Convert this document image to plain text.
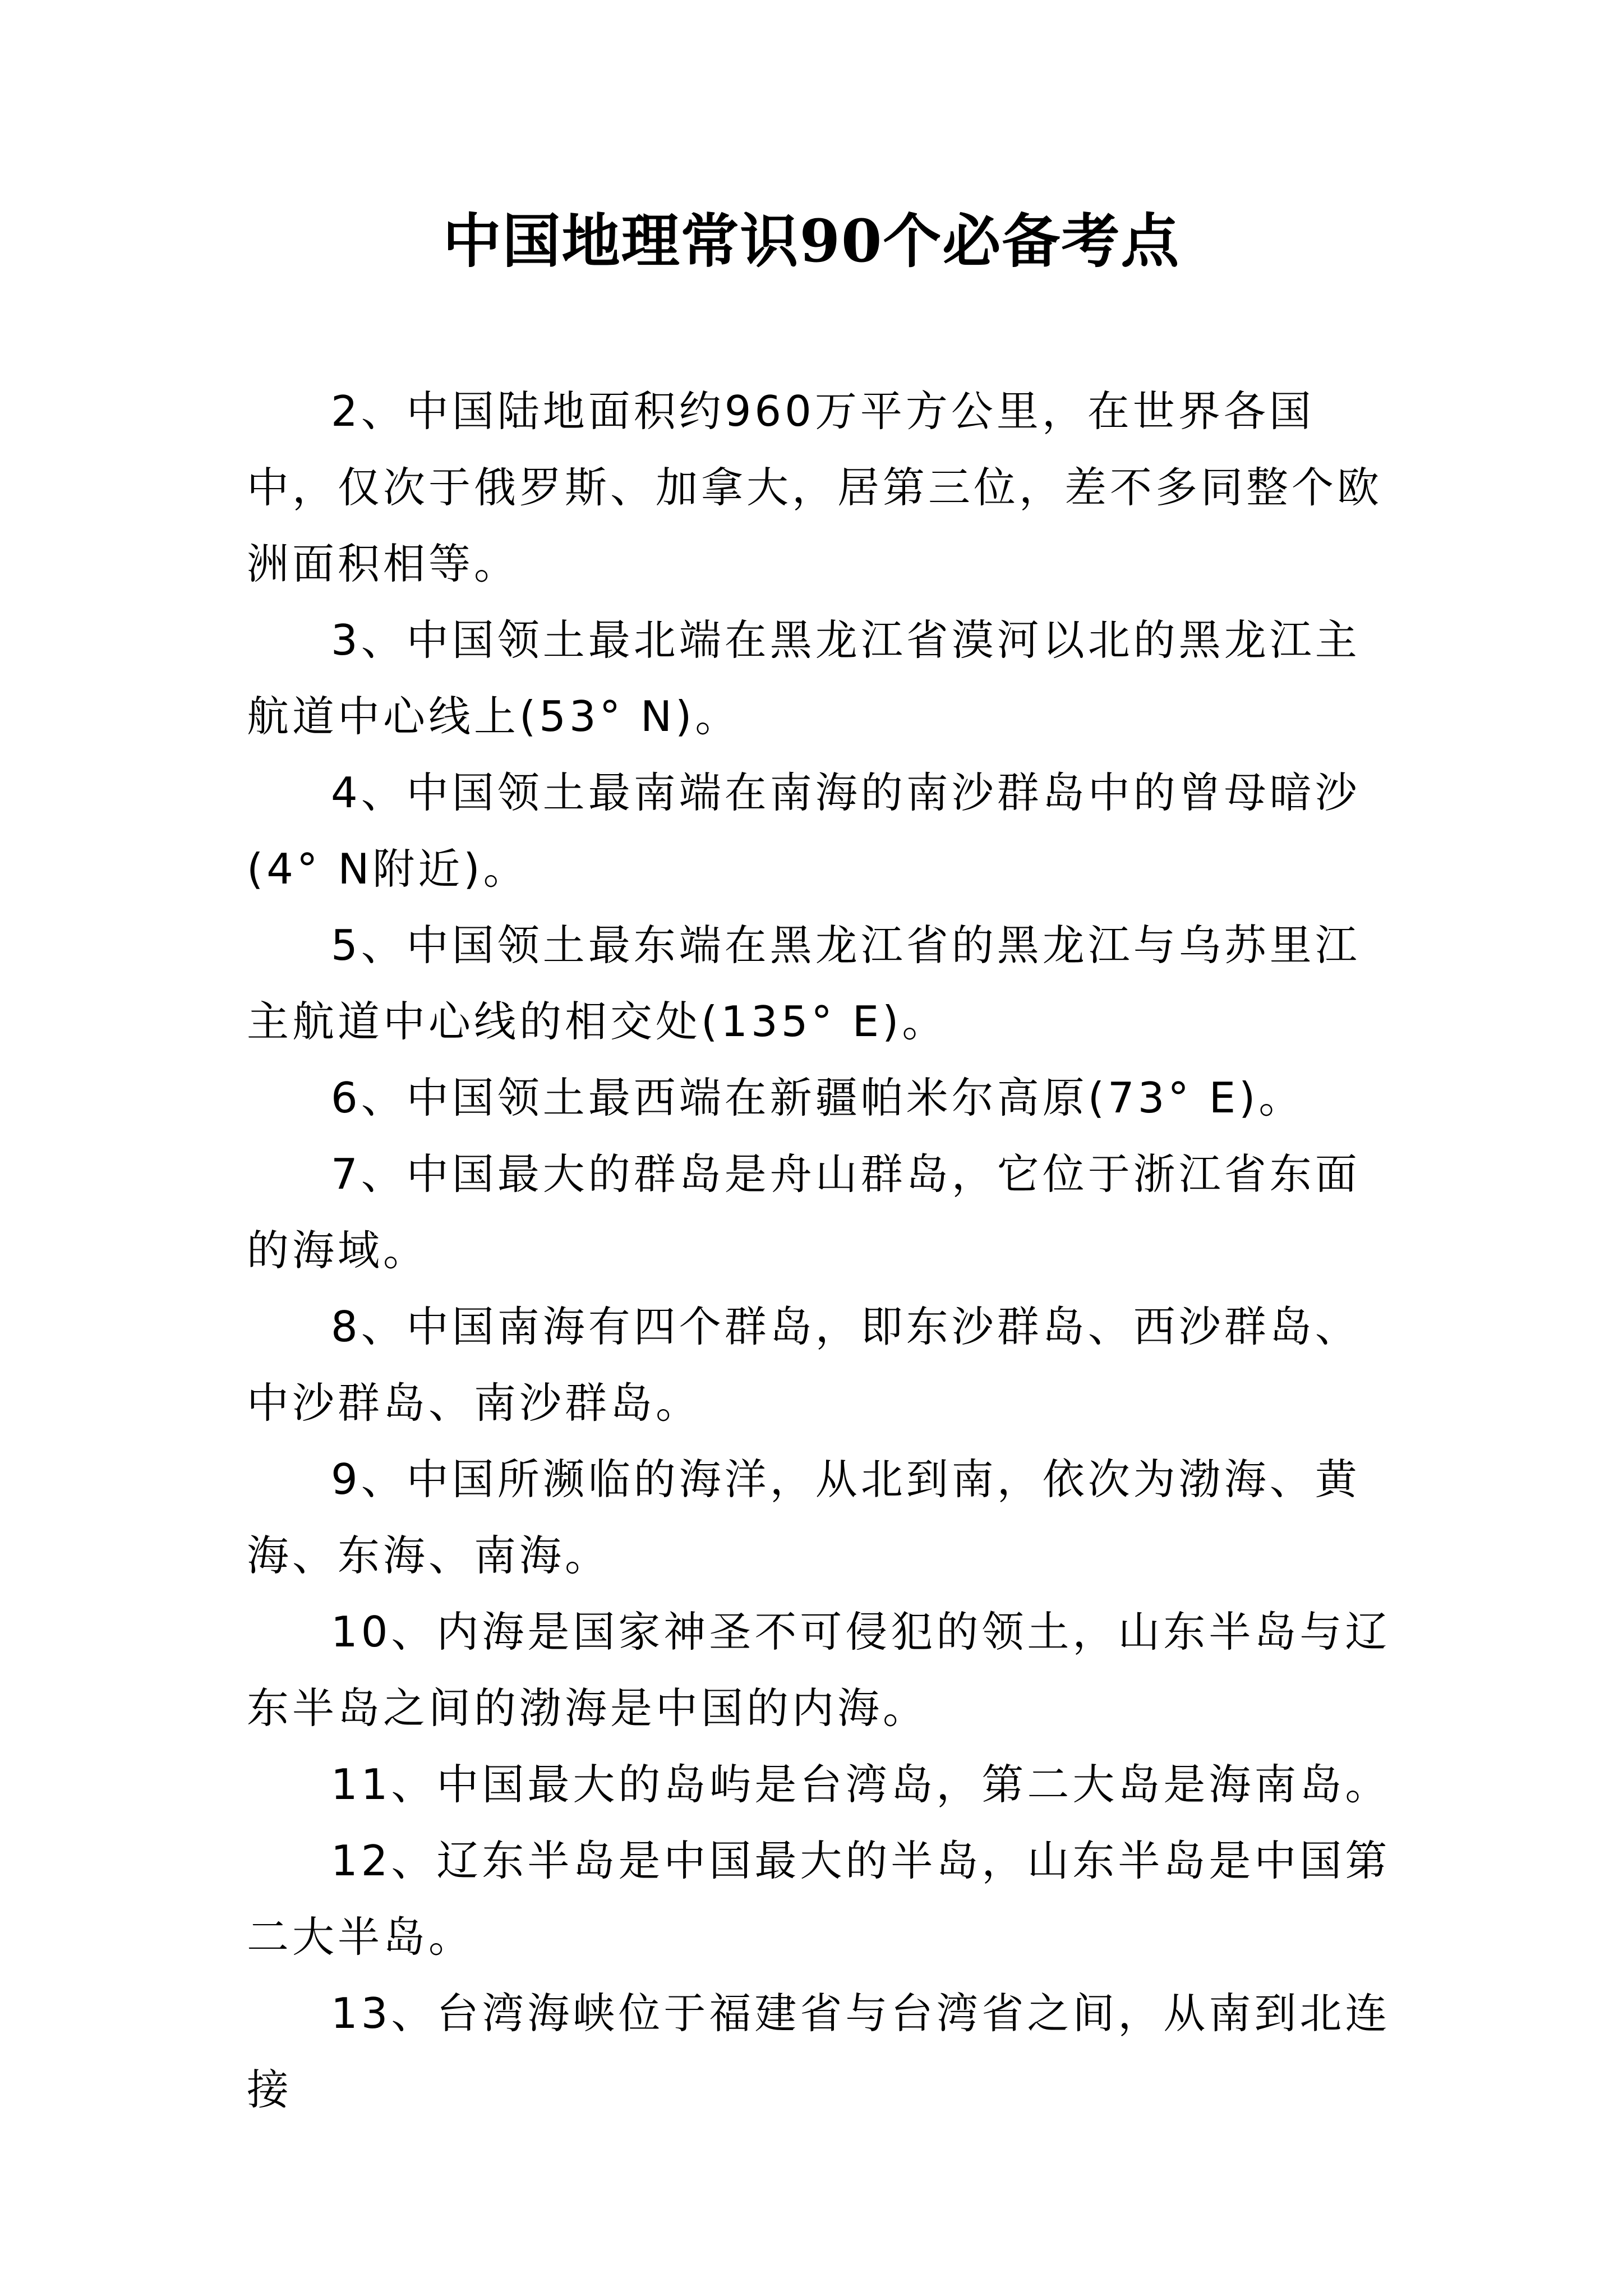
中国地理常识90个必备考点

2、中国陆地面积约960万平方公里，在世界各国中，仅次于俄罗斯、加拿大，居第三位，差不多同整个欧洲面积相等。

3、中国领土最北端在黑龙江省漠河以北的黑龙江主航道中心线上(53° N)。

4、中国领土最南端在南海的南沙群岛中的曾母暗沙(4° N附近)。

5、中国领土最东端在黑龙江省的黑龙江与乌苏里江主航道中心线的相交处(135° E)。

6、中国领土最西端在新疆帕米尔高原(73° E)。

7、中国最大的群岛是舟山群岛，它位于浙江省东面的海域。

8、中国南海有四个群岛，即东沙群岛、西沙群岛、中沙群岛、南沙群岛。

9、中国所濒临的海洋，从北到南，依次为渤海、黄海、东海、南海。

10、内海是国家神圣不可侵犯的领土，山东半岛与辽东半岛之间的渤海是中国的内海。

11、中国最大的岛屿是台湾岛，第二大岛是海南岛。

12、辽东半岛是中国最大的半岛，山东半岛是中国第二大半岛。

13、台湾海峡位于福建省与台湾省之间，从南到北连接
